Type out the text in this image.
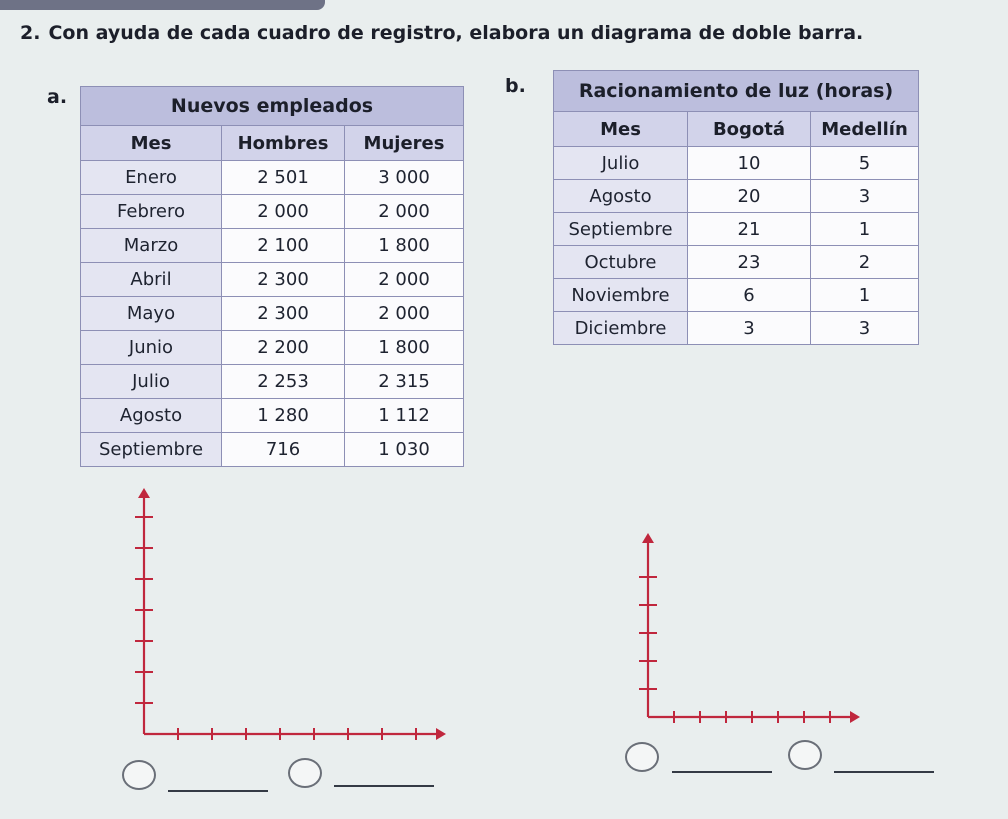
2. Con ayuda de cada cuadro de registro, elabora un diagrama de doble barra.
a.	b.
Nuevos empleados		
Mes	Hombres	Mujeres
Enero	2 501	3 000
Febrero	2 000	2 000
Marzo	2 100	1 800
Abril	2 300	2 000
Mayo	2 300	2 000
Junio	2 200	1 800
Julio	2 253	2 315
Agosto	1 280	1 112
Septiembre	716	1 030
Racionamiento de luz (horas)		
Mes	Bogotá	Medellín
Julio	10	5
Agosto	20	3
Septiembre	21	1
Octubre	23	2
Noviembre	6	1
Diciembre	3	3
